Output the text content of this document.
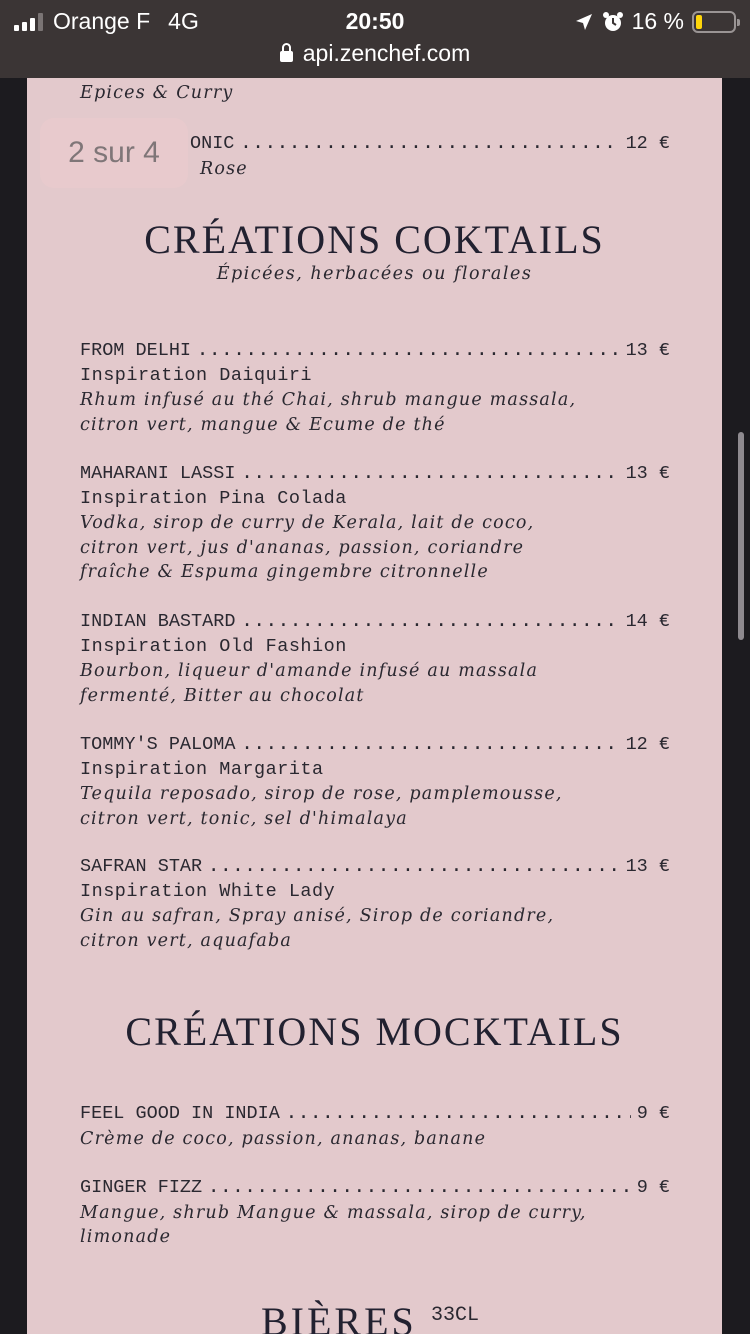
Orange F 4G	20:50	16 %
api.zenchef.com
Epices & Curry
ONIC .....	12 €
Rose
CRÉATIONS COKTAILS
Épicées, herbacées ou florales
FROM DELHI .....	13 €
Inspiration Daiquiri
Rhum infusé au thé Chai, shrub mangue massala,
citron vert, mangue & Ecume de thé
MAHARANI LASSI .....	13 €
Inspiration Pina Colada
Vodka, sirop de curry de Kerala, lait de coco,
citron vert, jus d'ananas, passion, coriandre
fraîche & Espuma gingembre citronnelle
INDIAN BASTARD .....	14 €
Inspiration Old Fashion
Bourbon, liqueur d'amande infusé au massala
fermenté, Bitter au chocolat
TOMMY'S PALOMA .....	12 €
Inspiration Margarita
Tequila reposado, sirop de rose, pamplemousse,
citron vert, tonic, sel d'himalaya
SAFRAN STAR .....	13 €
Inspiration White Lady
Gin au safran, Spray anisé, Sirop de coriandre,
citron vert, aquafaba
CRÉATIONS MOCKTAILS
FEEL GOOD IN INDIA .....	9 €
Crème de coco, passion, ananas, banane
GINGER FIZZ .....	9 €
Mangue, shrub Mangue & massala, sirop de curry,
limonade
BIÈRES 33CL
2 sur 4
